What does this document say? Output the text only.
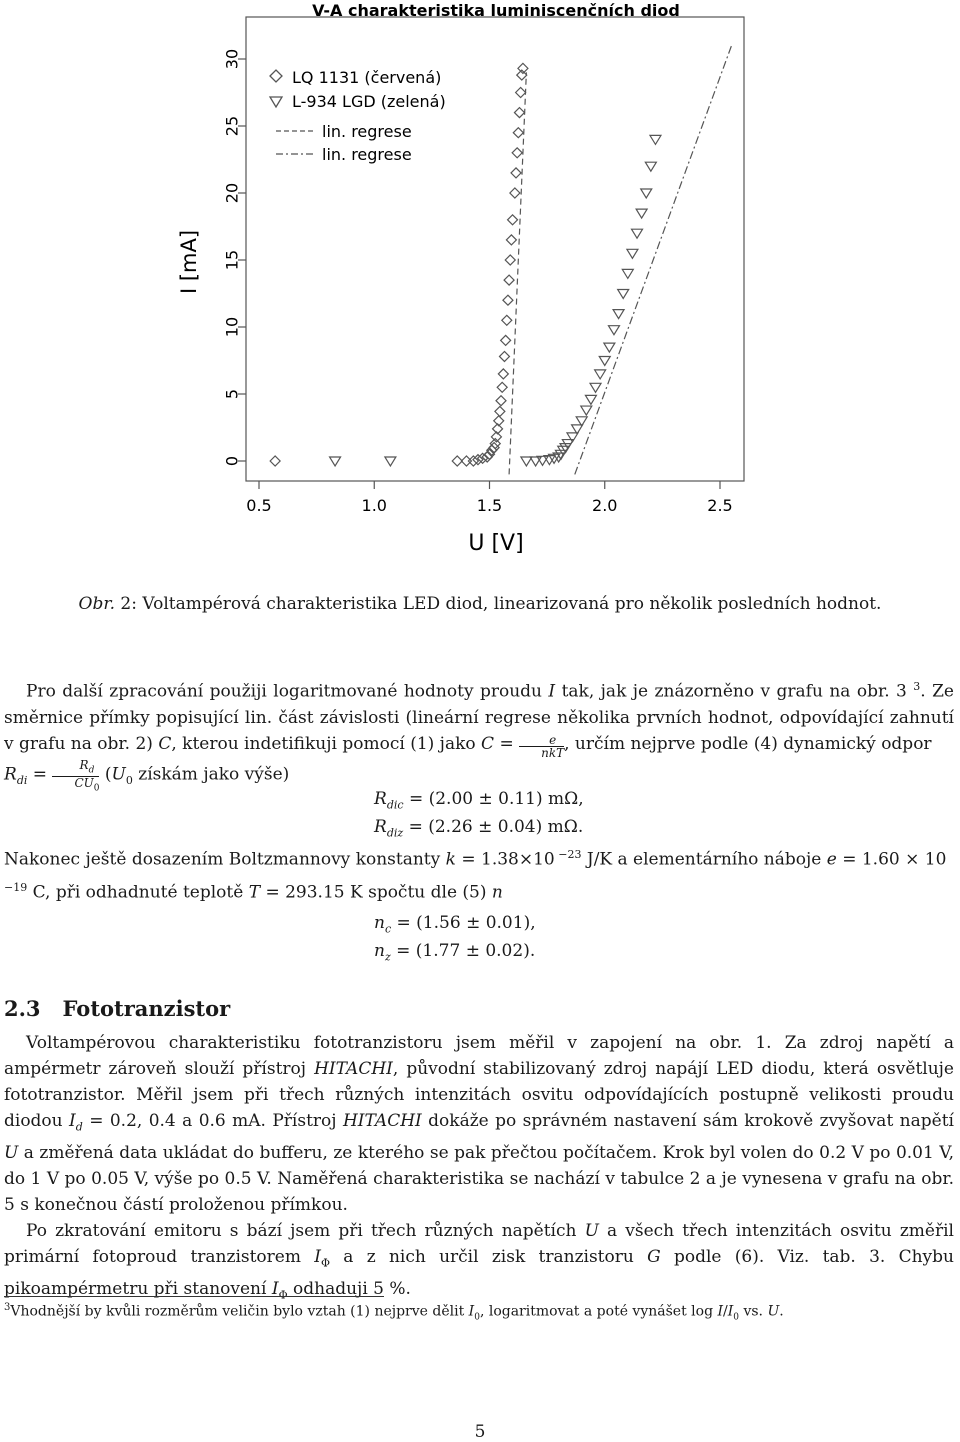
V-A charakteristika luminiscenčních diod
0.5	1.0	1.5	2.0	2.5
0
5
10
15
20
25
30
U [V]
I [mA]
LQ 1131 (červená)
L-934 LGD (zelená)
lin. regrese
lin. regrese
Obr. 2: Voltampérová charakteristika LED diod, linearizovaná pro několik posledních hodnot.

Pro další zpracování použiji logaritmované hodnoty proudu I tak, jak je znázorněno v grafu na obr. 3 $^3$. Ze směrnice přímky popisující lin. část závislosti (lineární regrese několika prvních hodnot, odpovídající zahnutí v grafu na obr. 2) C, kterou indetifikuji pomocí (1) jako $C = \frac{e}{\text{nkT}}$ , určím nejprve podle (4) dynamický odpor
$R_{di} = \frac{R_d}{CU_0} (U_0$ získám jako výše)

$R_{dic} = (2.00 \pm 0.11)$ mΩ,
$R_{diz} = (2.26 \pm 0.04)$ mΩ.

Nakonec ještě dosazením Boltzmannovy konstanty k = 1.38×10 $^{-23}$ J/K a elementárního náboje e = 1.60 × 10 $^{-19}$ C, při odhadnuté teplotě T = 293.15 K spočtu dle (5) n

$n_c = (1.56 \pm 0.01)$,
$n_z = (1.77 \pm 0.02)$.
2.3 Fototranzistor

Voltampérovou charakteristiku fototranzistoru jsem měřil v zapojení na obr. 1. Za zdroj napětí a ampérmetr zároveň slouží přístroj HITACHI, původní stabilizovaný zdroj napájí LED diodu, která osvětluje fototranzistor. Měřil jsem při třech různých intenzitách osvitu odpovídajících postupně velikosti proudu diodou $I_d = 0.2$, 0.4 a 0.6 mA. Přístroj HITACHI dokáže po správném nastavení sám krokově zvyšovat napětí U a změřená data ukládat do bufferu, ze kterého se pak přečtou počítačem. Krok byl volen do 0.2 V po 0.01 V, do 1 V po 0.05 V, výše po 0.5 V. Naměřená charakteristika se nachází v tabulce 2 a je vynesena v grafu na obr. 5 s konečnou částí proloženou přímkou.

Po zkratování emitoru s bází jsem při třech různých napětích U a všech třech intenzitách osvitu změřil primární fotoproud tranzistorem $I_\Phi$ a z nich určil zisk tranzistoru G podle (6). Viz. tab. 3. Chybu pikoampérmetru při stanovení $I_\Phi$ odhaduji 5 %.

$^3$Vhodnější by kvůli rozměrům veličin bylo vztah (1) nejprve dělit $I_0$, logaritmovat a poté vynášet $\log I/I_0$ vs. U.
5
